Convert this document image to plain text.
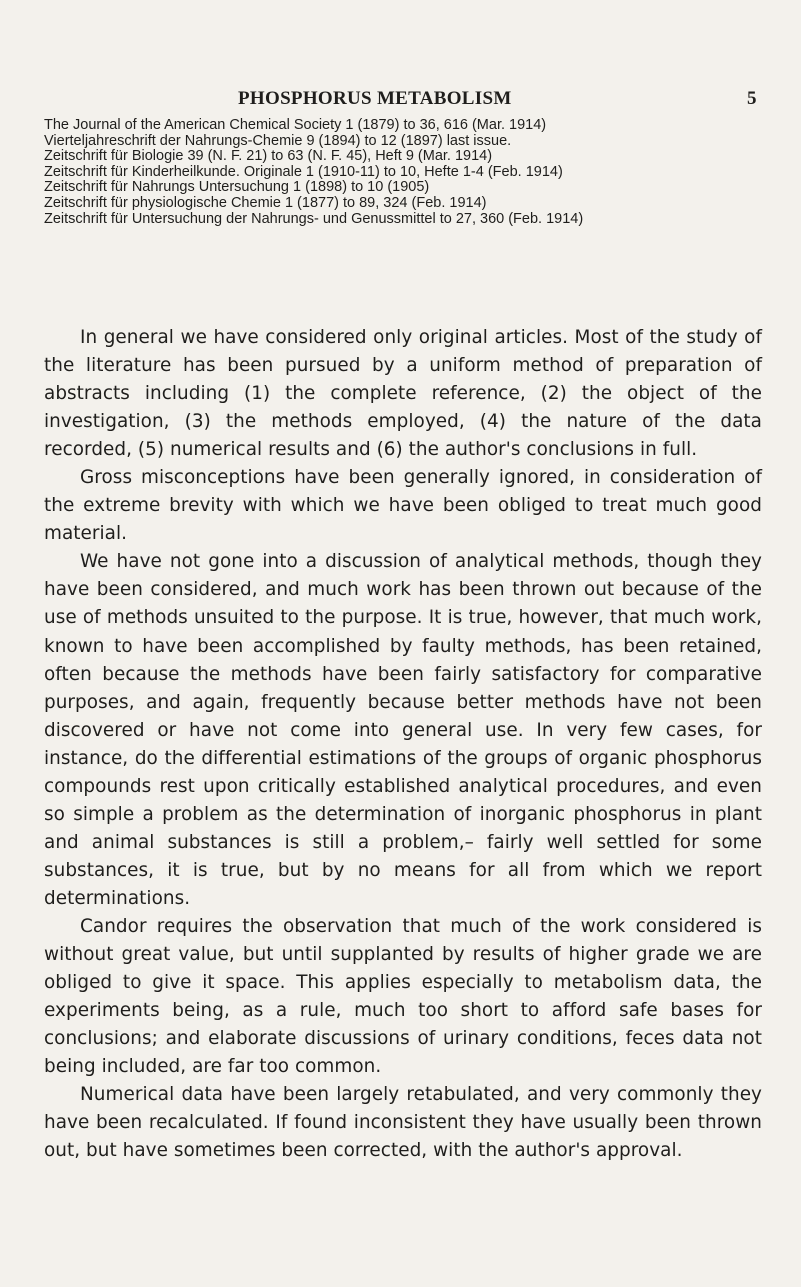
PHOSPHORUS METABOLISM	5

The Journal of the American Chemical Society 1 (1879) to 36, 616 (Mar. 1914)

Vierteljahreschrift der Nahrungs-Chemie 9 (1894) to 12 (1897) last issue.

Zeitschrift für Biologie 39 (N. F. 21) to 63 (N. F. 45), Heft 9 (Mar. 1914)

Zeitschrift für Kinderheilkunde. Originale 1 (1910-11) to 10, Hefte 1-4 (Feb. 1914)

Zeitschrift für Nahrungs Untersuchung 1 (1898) to 10 (1905)

Zeitschrift für physiologische Chemie 1 (1877) to 89, 324 (Feb. 1914)

Zeitschrift für Untersuchung der Nahrungs- und Genussmittel to 27, 360 (Feb. 1914)

In general we have considered only original articles. Most of the study of the literature has been pursued by a uniform method of preparation of abstracts including (1) the complete reference, (2) the object of the investigation, (3) the methods employed, (4) the nature of the data recorded, (5) numerical results and (6) the author's conclusions in full.

Gross misconceptions have been generally ignored, in consideration of the extreme brevity with which we have been obliged to treat much good material.

We have not gone into a discussion of analytical methods, though they have been considered, and much work has been thrown out because of the use of methods unsuited to the purpose. It is true, however, that much work, known to have been accomplished by faulty methods, has been retained, often because the methods have been fairly satisfactory for comparative purposes, and again, frequently because better methods have not been discovered or have not come into general use. In very few cases, for instance, do the differential estimations of the groups of organic phosphorus compounds rest upon critically established analytical procedures, and even so simple a problem as the determination of inorganic phosphorus in plant and animal substances is still a problem,– fairly well settled for some substances, it is true, but by no means for all from which we report determinations.

Candor requires the observation that much of the work considered is without great value, but until supplanted by results of higher grade we are obliged to give it space. This applies especially to metabolism data, the experiments being, as a rule, much too short to afford safe bases for conclusions; and elaborate discussions of urinary conditions, feces data not being included, are far too common.

Numerical data have been largely retabulated, and very commonly they have been recalculated. If found inconsistent they have usually been thrown out, but have sometimes been corrected, with the author's approval.
